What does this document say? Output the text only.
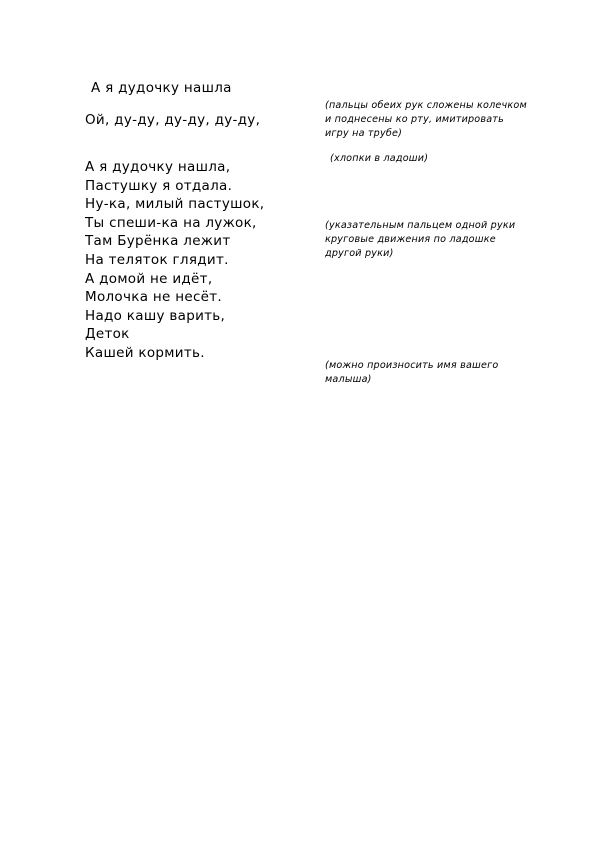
А я дудочку нашла
Ой, ду-ду, ду-ду, ду-ду,
А я дудочку нашла,
Пастушку я отдала.
Ну-ка, милый пастушок,
Ты спеши-ка на лужок,
Там Бурёнка лежит
На теляток глядит.
А домой не идёт,
Молочка не несёт.
Надо кашу варить,
Деток
Кашей кормить.
(пальцы обеих рук сложены колечком
и поднесены ко рту, имитировать
игру на трубе)
(хлопки в ладоши)
(указательным пальцем одной руки
круговые движения по ладошке
другой руки)
(можно произносить имя вашего
малыша)
